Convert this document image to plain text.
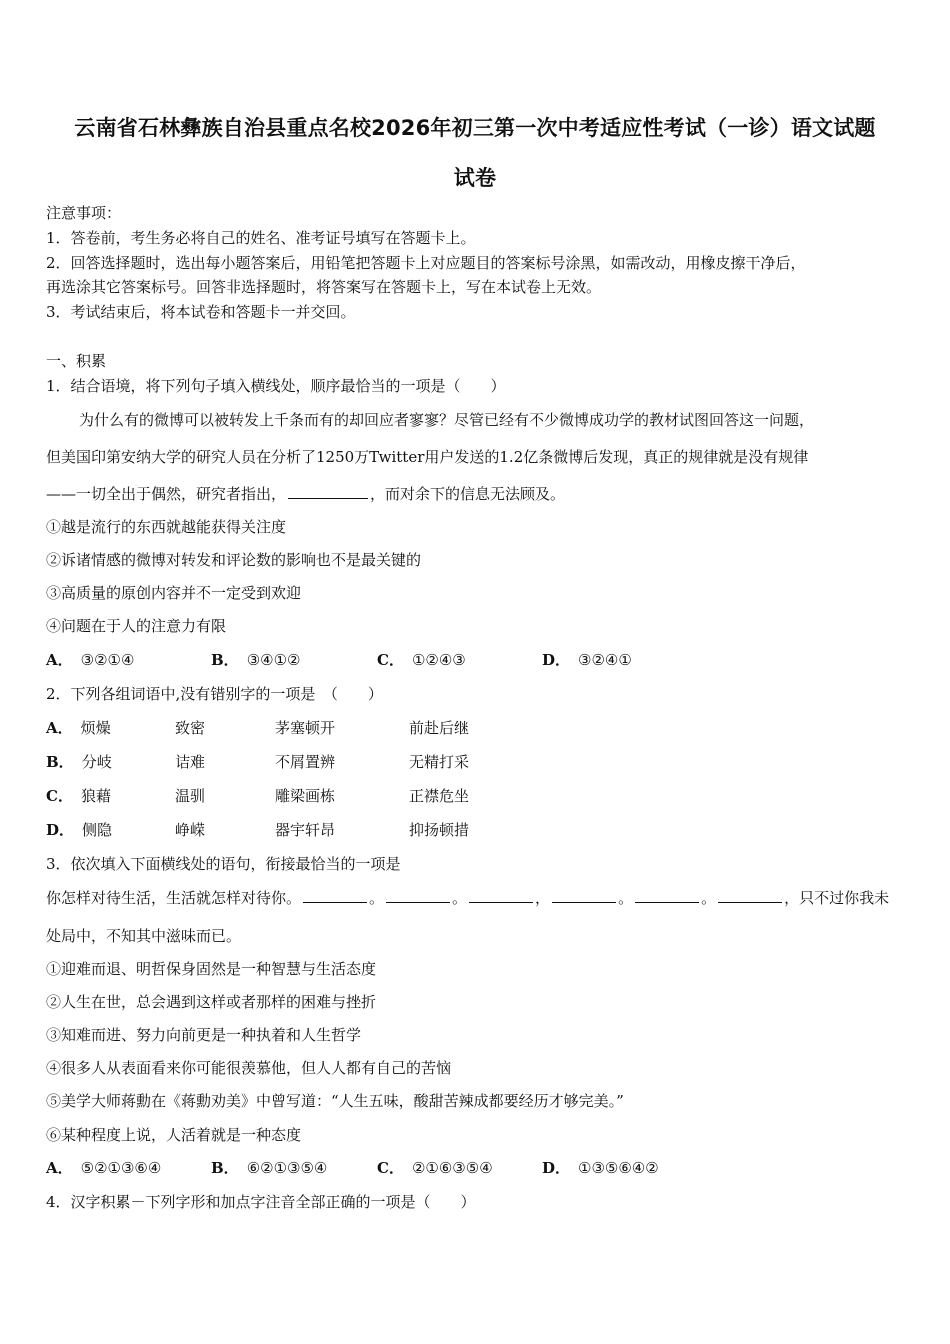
云南省石林彝族自治县重点名校2026年初三第一次中考适应性考试（一诊）语文试题
试卷
注意事项：
1．答卷前，考生务必将自己的姓名、准考证号填写在答题卡上。
2．回答选择题时，选出每小题答案后，用铅笔把答题卡上对应题目的答案标号涂黑，如需改动，用橡皮擦干净后，
再选涂其它答案标号。回答非选择题时，将答案写在答题卡上，写在本试卷上无效。
3．考试结束后，将本试卷和答题卡一并交回。
一、积累
1．结合语境，将下列句子填入横线处，顺序最恰当的一项是（　　）
为什么有的微博可以被转发上千条而有的却回应者寥寥？尽管已经有不少微博成功学的教材试图回答这一问题，
但美国印第安纳大学的研究人员在分析了1250万Twitter用户发送的1.2亿条微博后发现，真正的规律就是没有规律
——一切全出于偶然，研究者指出，	，而对余下的信息无法顾及。
①越是流行的东西就越能获得关注度
②诉诸情感的微博对转发和评论数的影响也不是最关键的
③高质量的原创内容并不一定受到欢迎
④问题在于人的注意力有限
A． ③②①④	B． ③④①②	C． ①②④③	D． ③②④①
2．下列各组词语中,没有错别字的一项是　（　　）
A． 烦燥	致密	茅塞顿开	前赴后继
B． 分岐	诘难	不屑置辨	无精打采
C． 狼藉	温驯	雕梁画栋	正襟危坐
D． 侧隐	峥嵘	器宇轩昂	抑扬顿措
3．依次填入下面横线处的语句，衔接最恰当的一项是
你怎样对待生活，生活就怎样对待你。	。	。	，	。	。	，只不过你我未
处局中，不知其中滋味而已。
①迎难而退、明哲保身固然是一种智慧与生活态度
②人生在世，总会遇到这样或者那样的困难与挫折
③知难而进、努力向前更是一种执着和人生哲学
④很多人从表面看来你可能很羡慕他，但人人都有自己的苦恼
⑤美学大师蒋勳在《蒋勳劝美》中曾写道：“人生五味，酸甜苦辣成都要经历才够完美。”
⑥某种程度上说，人活着就是一种态度
A． ⑤②①③⑥④	B． ⑥②①③⑤④	C． ②①⑥③⑤④	D． ①③⑤⑥④②
4．汉字积累－下列字形和加点字注音全部正确的一项是（　　）
